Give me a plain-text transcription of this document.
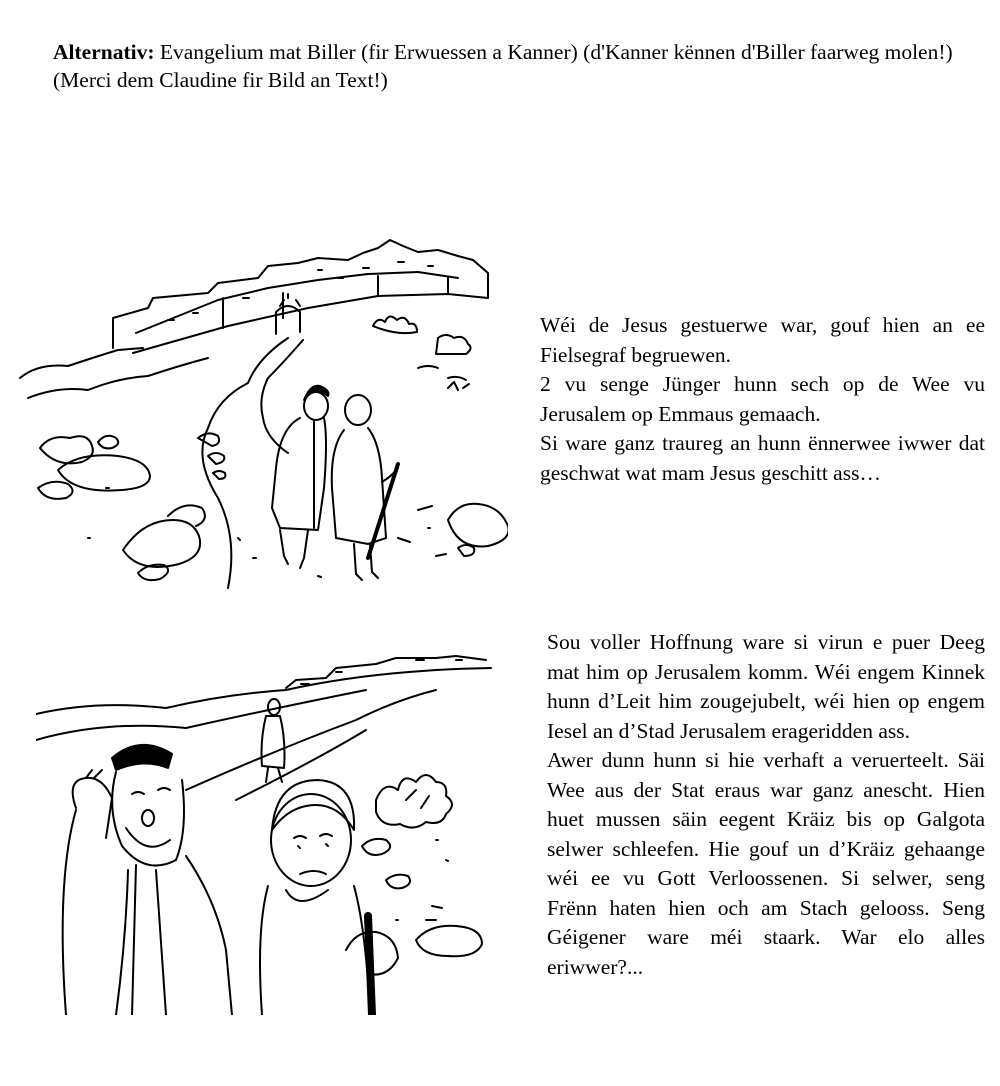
Alternativ: Evangelium mat Biller (fir Erwuessen a Kanner) (d'Kanner kënnen d'Biller faarweg molen!)
(Merci dem Claudine fir Bild an Text!)

Wéi de Jesus gestuerwe war, gouf hien an ee Fielsegraf begruewen.

2 vu senge Jünger hunn sech op de Wee vu Jerusalem op Emmaus gemaach.

Si ware ganz traureg an hunn ënnerwee iwwer dat geschwat wat mam Jesus geschitt ass…

Sou voller Hoffnung ware si virun e puer Deeg mat him op Jerusalem komm. Wéi engem Kinnek hunn d’Leit him zougejubelt, wéi hien op engem Iesel an d’Stad Jerusalem erageridden ass.

Awer dunn hunn si hie verhaft a veruerteelt. Säi Wee aus der Stat eraus war ganz anescht. Hien huet mussen säin eegent Kräiz bis op Galgota selwer schleefen. Hie gouf un d’Kräiz gehaange wéi ee vu Gott Verloossenen. Si selwer, seng Frënn haten hien och am Stach gelooss. Seng Géigener ware méi staark. War elo alles eriwwer?...
